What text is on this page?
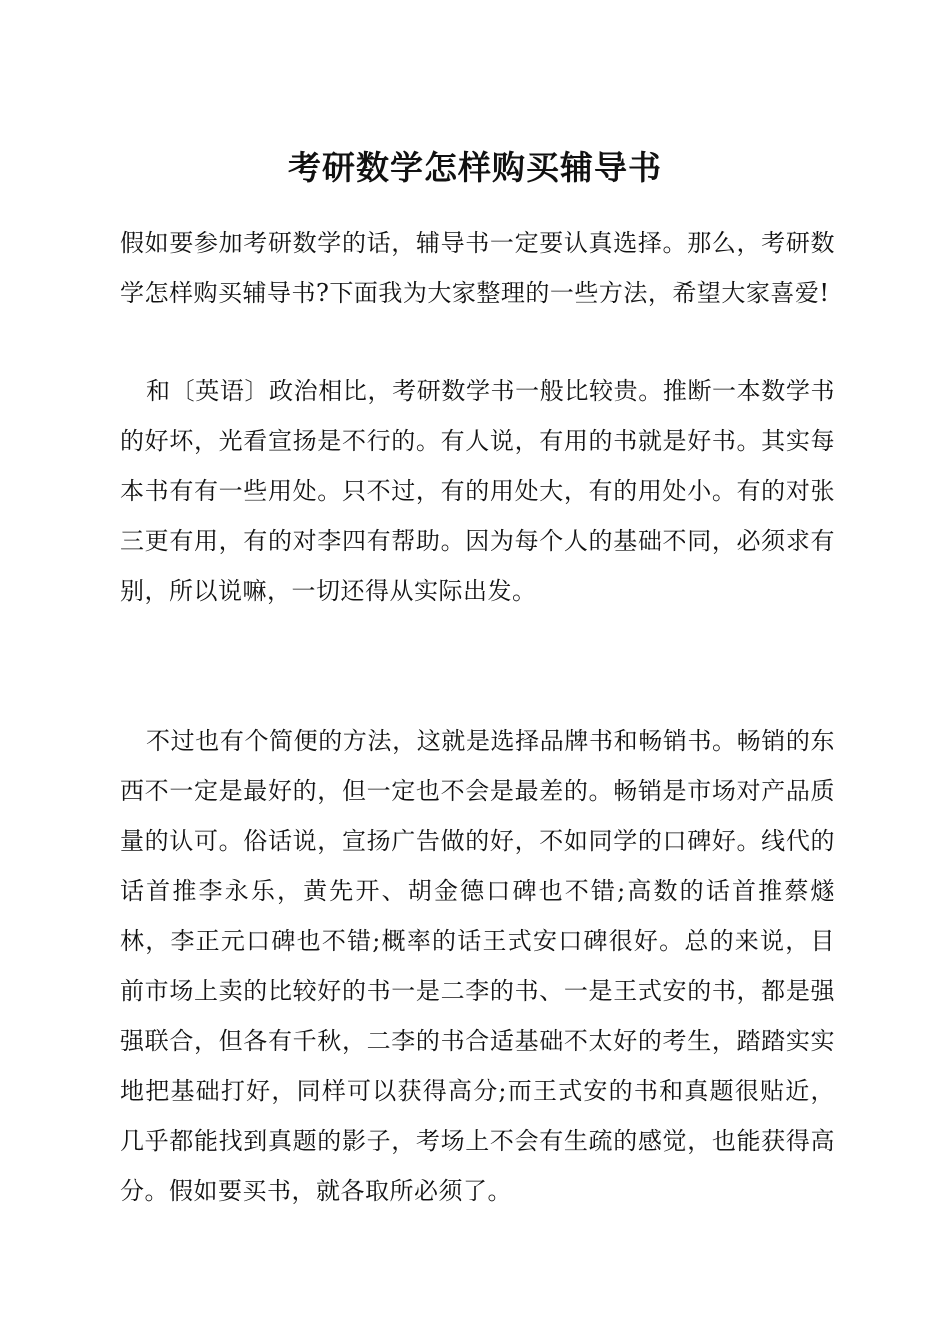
考研数学怎样购买辅导书

假如要参加考研数学的话，辅导书一定要认真选择。那么，考研数学怎样购买辅导书?下面我为大家整理的一些方法，希望大家喜爱!

和〔英语〕政治相比，考研数学书一般比较贵。推断一本数学书的好坏，光看宣扬是不行的。有人说，有用的书就是好书。其实每本书有有一些用处。只不过，有的用处大，有的用处小。有的对张三更有用，有的对李四有帮助。因为每个人的基础不同，必须求有别，所以说嘛，一切还得从实际出发。

不过也有个简便的方法，这就是选择品牌书和畅销书。畅销的东西不一定是最好的，但一定也不会是最差的。畅销是市场对产品质量的认可。俗话说，宣扬广告做的好，不如同学的口碑好。线代的话首推李永乐，黄先开、胡金德口碑也不错;高数的话首推蔡燧林，李正元口碑也不错;概率的话王式安口碑很好。总的来说，目前市场上卖的比较好的书一是二李的书、一是王式安的书，都是强强联合，但各有千秋，二李的书合适基础不太好的考生，踏踏实实地把基础打好，同样可以获得高分;而王式安的书和真题很贴近，几乎都能找到真题的影子，考场上不会有生疏的感觉，也能获得高分。假如要买书，就各取所必须了。
